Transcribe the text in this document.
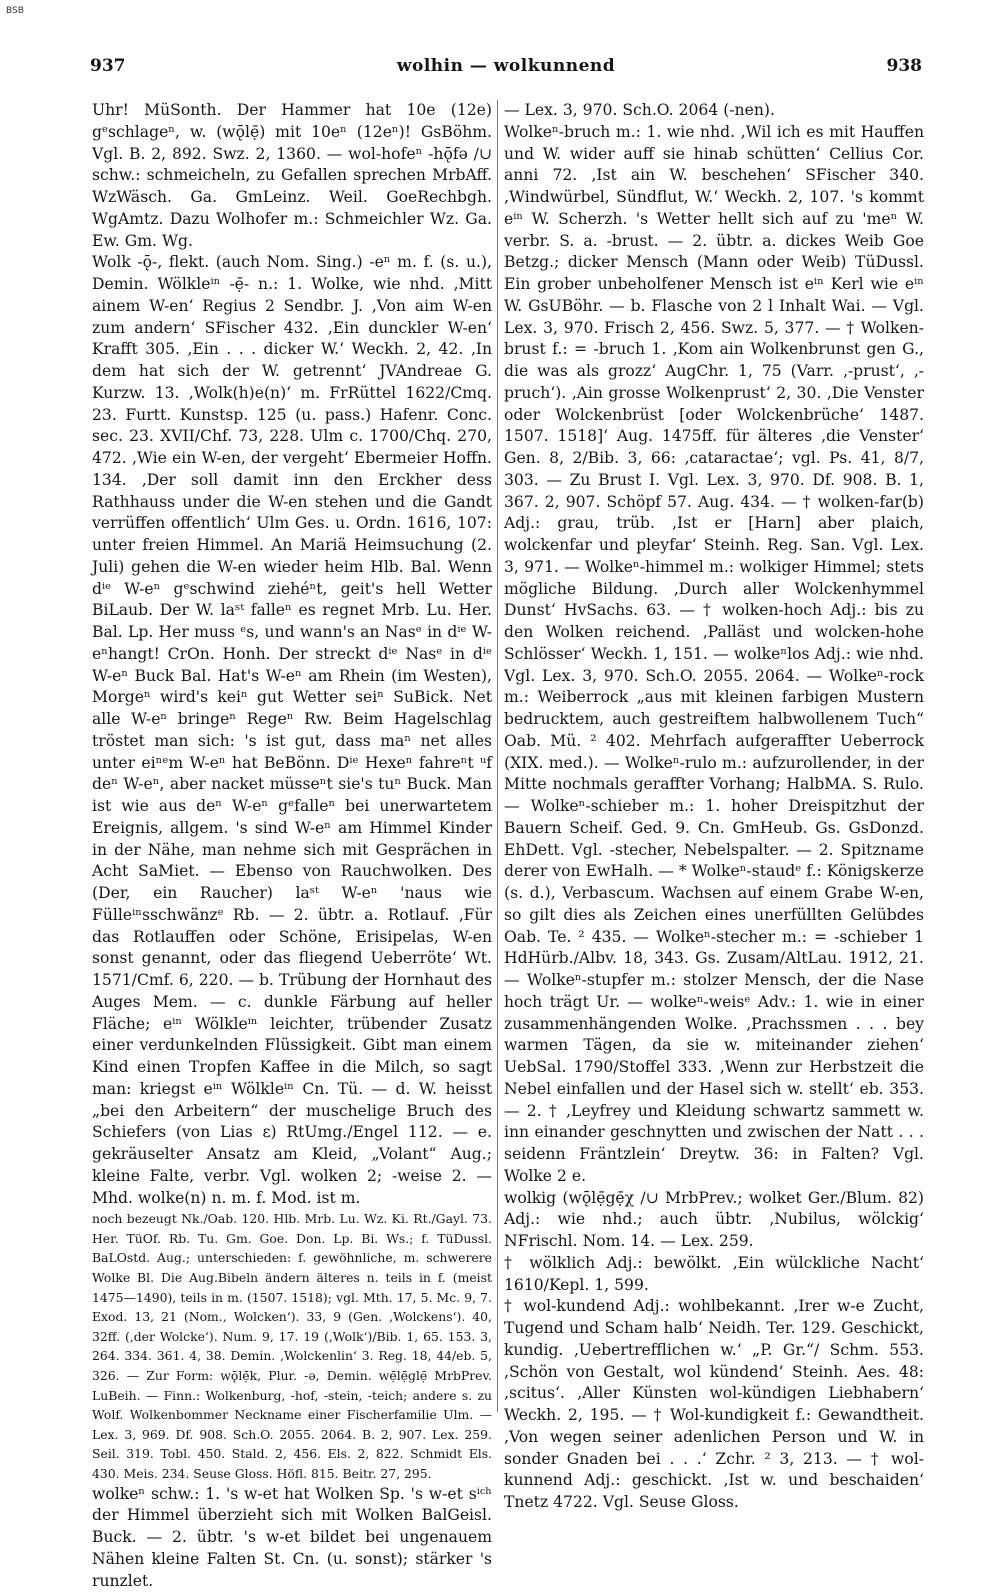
BSB
937	wolhin — wolkunnend	938

Uhr! MüSonth. Der Hammer hat 10e (12e) gᵉschlageⁿ, w. (wǭlẹ̄) mit 10eⁿ (12eⁿ)! GsBöhm. Vgl. B. 2, 892. Swz. 2, 1360. — wol-hofeⁿ -hǭfə ∕∪ schw.: schmeicheln, zu Gefallen sprechen MrbAff. WzWäsch. Ga. GmLeinz. Weil. GoeRechbgh. WgAmtz. Dazu Wolhofer m.: Schmeichler Wz. Ga. Ew. Gm. Wg.

Wolk -ǭ-, flekt. (auch Nom. Sing.) -eⁿ m. f. (s. u.), Demin. Wölkleⁱⁿ -ẹ̄- n.: 1. Wolke, wie nhd. ‚Mitt ainem W-en‘ Regius 2 Sendbr. J. ‚Von aim W-en zum andern‘ SFischer 432. ‚Ein dunckler W-en‘ Krafft 305. ‚Ein . . . dicker W.‘ Weckh. 2, 42. ‚In dem hat sich der W. getrennt‘ JVAndreae G. Kurzw. 13. ‚Wolk(h)e(n)‘ m. FrRüttel 1622/Cmq. 23. Furtt. Kunstsp. 125 (u. pass.) Hafenr. Conc. sec. 23. XVII/Chf. 73, 228. Ulm c. 1700/Chq. 270, 472. ‚Wie ein W-en, der vergeht‘ Ebermeier Hoffn. 134. ‚Der soll damit inn den Erckher dess Rathhauss under die W-en stehen und die Gandt verrüffen offentlich‘ Ulm Ges. u. Ordn. 1616, 107: unter freien Himmel. An Mariä Heimsuchung (2. Juli) gehen die W-en wieder heim Hlb. Bal. Wenn dⁱᵉ W-eⁿ gᵉschwind ziehéⁿt, geit's hell Wetter BiLaub. Der W. laˢᵗ falleⁿ es regnet Mrb. Lu. Her. Bal. Lp. Her muss ᵉs, und wann's an Nasᵉ in dⁱᵉ W-eⁿhangt! CrOn. Honh. Der streckt dⁱᵉ Nasᵉ in dⁱᵉ W-eⁿ Buck Bal. Hat's W-eⁿ am Rhein (im Westen), Morgeⁿ wird's keiⁿ gut Wetter seiⁿ SuBick. Net alle W-eⁿ bringeⁿ Regeⁿ Rw. Beim Hagelschlag tröstet man sich: 's ist gut, dass maⁿ net alles unter eiⁿᵉm W-eⁿ hat BeBönn. Dⁱᵉ Hexeⁿ fahreⁿt ᵘf deⁿ W-eⁿ, aber nacket müsseⁿt sie's tuⁿ Buck. Man ist wie aus deⁿ W-eⁿ gᵉfalleⁿ bei unerwartetem Ereignis, allgem. 's sind W-eⁿ am Himmel Kinder in der Nähe, man nehme sich mit Gesprächen in Acht SaMiet. — Ebenso von Rauchwolken. Des (Der, ein Raucher) laˢᵗ W-eⁿ 'naus wie Fülleⁱⁿsschwänzᵉ Rb. — 2. übtr. a. Rotlauf. ‚Für das Rotlauffen oder Schöne, Erisipelas, W-en sonst genannt, oder das fliegend Ueberröte‘ Wt. 1571/Cmf. 6, 220. — b. Trübung der Hornhaut des Auges Mem. — c. dunkle Färbung auf heller Fläche; eⁱⁿ Wölkleⁱⁿ leichter, trübender Zusatz einer verdunkelnden Flüssigkeit. Gibt man einem Kind einen Tropfen Kaffee in die Milch, so sagt man: kriegst eⁱⁿ Wölkleⁱⁿ Cn. Tü. — d. W. heisst „bei den Arbeitern“ der muschelige Bruch des Schiefers (von Lias ε) RtUmg./Engel 112. — e. gekräuselter Ansatz am Kleid, „Volant“ Aug.; kleine Falte, verbr. Vgl. wolken 2; -weise 2. — Mhd. wolke(n) n. m. f. Mod. ist m.

noch bezeugt Nk./Oab. 120. Hlb. Mrb. Lu. Wz. Ki. Rt./Gayl. 73. Her. TüOf. Rb. Tu. Gm. Goe. Don. Lp. Bi. Ws.; f. TüDussl. BaLOstd. Aug.; unterschieden: f. gewöhnliche, m. schwerere Wolke Bl. Die Aug.Bibeln ändern älteres n. teils in f. (meist 1475—1490), teils in m. (1507. 1518); vgl. Mth. 17, 5. Mc. 9, 7. Exod. 13, 21 (Nom., Wolcken‘). 33, 9 (Gen. ‚Wolckens‘). 40, 32ff. (‚der Wolcke‘). Num. 9, 17. 19 (‚Wolk‘)/Bib. 1, 65. 153. 3, 264. 334. 361. 4, 38. Demin. ‚Wolckenlin‘ 3. Reg. 18, 44/eb. 5, 326. — Zur Form: wǭlẹ̄k, Plur. -ə, Demin. wẹ̄lẹ̄glẹ̄ MrbPrev. LuBeih. — Finn.: Wolkenburg, -hof, -stein, -teich; andere s. zu Wolf. Wolkenbommer Neckname einer Fischerfamilie Ulm. — Lex. 3, 969. Df. 908. Sch.O. 2055. 2064. B. 2, 907. Lex. 259. Seil. 319. Tobl. 450. Stald. 2, 456. Els. 2, 822. Schmidt Els. 430. Meis. 234. Seuse Gloss. Höfl. 815. Beitr. 27, 295.

wolkeⁿ schw.: 1. 's w-et hat Wolken Sp. 's w-et sⁱᶜʰ der Himmel überzieht sich mit Wolken BalGeisl. Buck. — 2. übtr. 's w-et bildet bei ungenauem Nähen kleine Falten St. Cn. (u. sonst); stärker 's runzlet.

— Lex. 3, 970. Sch.O. 2064 (-nen).

Wolkeⁿ-bruch m.: 1. wie nhd. ‚Wil ich es mit Hauffen und W. wider auff sie hinab schütten‘ Cellius Cor. anni 72. ‚Ist ain W. beschehen‘ SFischer 340. ‚Windwürbel, Sündflut, W.‘ Weckh. 2, 107. 's kommt eⁱⁿ W. Scherzh. 's Wetter hellt sich auf zu 'meⁿ W. verbr. S. a. -brust. — 2. übtr. a. dickes Weib Goe Betzg.; dicker Mensch (Mann oder Weib) TüDussl. Ein grober unbeholfener Mensch ist eⁱⁿ Kerl wie eⁱⁿ W. GsUBöhr. — b. Flasche von 2 l Inhalt Wai. — Vgl. Lex. 3, 970. Frisch 2, 456. Swz. 5, 377. — † Wolken-brust f.: = -bruch 1. ‚Kom ain Wolkenbrunst gen G., die was als grozz‘ AugChr. 1, 75 (Varr. ‚-prust‘, ‚-pruch‘). ‚Ain grosse Wolkenprust‘ 2, 30. ‚Die Venster oder Wolckenbrüst [oder Wolckenbrüche‘ 1487. 1507. 1518]‘ Aug. 1475ff. für älteres ‚die Venster‘ Gen. 8, 2/Bib. 3, 66: ‚cataractae‘; vgl. Ps. 41, 8/7, 303. — Zu Brust I. Vgl. Lex. 3, 970. Df. 908. B. 1, 367. 2, 907. Schöpf 57. Aug. 434. — † wolken-far(b) Adj.: grau, trüb. ‚Ist er [Harn] aber plaich, wolckenfar und pleyfar‘ Steinh. Reg. San. Vgl. Lex. 3, 971. — Wolkeⁿ-himmel m.: wolkiger Himmel; stets mögliche Bildung. ‚Durch aller Wolckenhymmel Dunst‘ HvSachs. 63. — † wolken-hoch Adj.: bis zu den Wolken reichend. ‚Palläst und wolcken-hohe Schlösser‘ Weckh. 1, 151. — wolkeⁿlos Adj.: wie nhd. Vgl. Lex. 3, 970. Sch.O. 2055. 2064. — Wolkeⁿ-rock m.: Weiberrock „aus mit kleinen farbigen Mustern bedrucktem, auch gestreiftem halbwollenem Tuch“ Oab. Mü. ² 402. Mehrfach aufgeraffter Ueberrock (XIX. med.). — Wolkeⁿ-rulo m.: aufzurollender, in der Mitte nochmals geraffter Vorhang; HalbMA. S. Rulo. — Wolkeⁿ-schieber m.: 1. hoher Dreispitzhut der Bauern Scheif. Ged. 9. Cn. GmHeub. Gs. GsDonzd. EhDett. Vgl. -stecher, Nebelspalter. — 2. Spitzname derer von EwHalh. — * Wolkeⁿ-staudᵉ f.: Königskerze (s. d.), Verbascum. Wachsen auf einem Grabe W-en, so gilt dies als Zeichen eines unerfüllten Gelübdes Oab. Te. ² 435. — Wolkeⁿ-stecher m.: = -schieber 1 HdHürb./Albv. 18, 343. Gs. Zusam/AltLau. 1912, 21. — Wolkeⁿ-stupfer m.: stolzer Mensch, der die Nase hoch trägt Ur. — wolkeⁿ-weisᵉ Adv.: 1. wie in einer zusammenhängenden Wolke. ‚Prachssmen . . . bey warmen Tägen, da sie w. miteinander ziehen‘ UebSal. 1790/Stoffel 333. ‚Wenn zur Herbstzeit die Nebel einfallen und der Hasel sich w. stellt‘ eb. 353. — 2. † ‚Leyfrey und Kleidung schwartz sammett w. inn einander geschnytten und zwischen der Natt . . . seidenn Fräntzlein‘ Dreytw. 36: in Falten? Vgl. Wolke 2 e.

wolkig (wǭlẹ̄gẹ̄χ ∕∪ MrbPrev.; wolket Ger./Blum. 82) Adj.: wie nhd.; auch übtr. ‚Nubilus, wölckig‘ NFrischl. Nom. 14. — Lex. 259.

† wölklich Adj.: bewölkt. ‚Ein wülckliche Nacht‘ 1610/Kepl. 1, 599.

† wol-kundend Adj.: wohlbekannt. ‚Irer w-e Zucht, Tugend und Scham halb‘ Neidh. Ter. 129. Geschickt, kundig. ‚Uebertrefflichen w.‘ „P. Gr.“/ Schm. 553. ‚Schön von Gestalt, wol kündend‘ Steinh. Aes. 48: ‚scitus‘. ‚Aller Künsten wol-kündigen Liebhabern‘ Weckh. 2, 195. — † Wol-kundigkeit f.: Gewandtheit. ‚Von wegen seiner adenlichen Person und W. in sonder Gnaden bei . . .‘ Zchr. ² 3, 213. — † wol-kunnend Adj.: geschickt. ‚Ist w. und beschaiden‘ Tnetz 4722. Vgl. Seuse Gloss.
